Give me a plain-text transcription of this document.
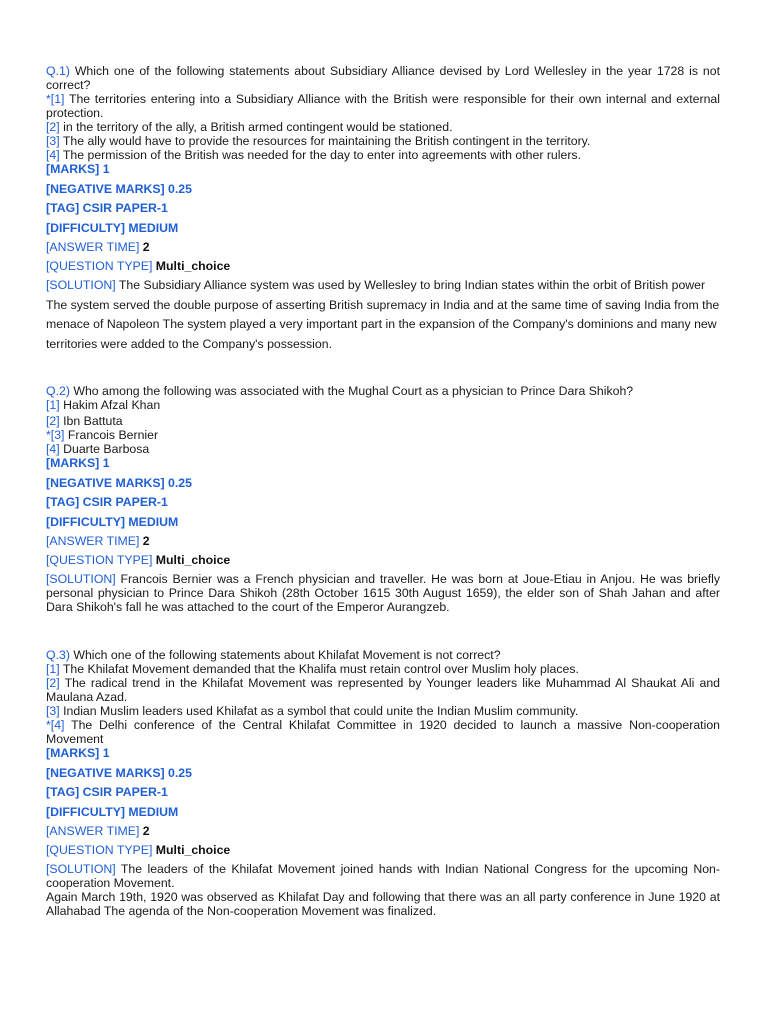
Q.1) Which one of the following statements about Subsidiary Alliance devised by Lord Wellesley in the year 1728 is not correct?
*[1] The territories entering into a Subsidiary Alliance with the British were responsible for their own internal and external protection.
[2] in the territory of the ally, a British armed contingent would be stationed.
[3] The ally would have to provide the resources for maintaining the British contingent in the territory.
[4] The permission of the British was needed for the day to enter into agreements with other rulers.
[MARKS] 1
[NEGATIVE MARKS] 0.25
[TAG] CSIR PAPER-1
[DIFFICULTY] MEDIUM
[ANSWER TIME] 2
[QUESTION TYPE] Multi_choice
[SOLUTION] The Subsidiary Alliance system was used by Wellesley to bring Indian states within the orbit of British power The system served the double purpose of asserting British supremacy in India and at the same time of saving India from the menace of Napoleon The system played a very important part in the expansion of the Company's dominions and many new territories were added to the Company's possession.
Q.2) Who among the following was associated with the Mughal Court as a physician to Prince Dara Shikoh?
[1] Hakim Afzal Khan
[2] Ibn Battuta
*[3] Francois Bernier
[4] Duarte Barbosa
[MARKS] 1
[NEGATIVE MARKS] 0.25
[TAG] CSIR PAPER-1
[DIFFICULTY] MEDIUM
[ANSWER TIME] 2
[QUESTION TYPE] Multi_choice
[SOLUTION] Francois Bernier was a French physician and traveller. He was born at Joue-Etiau in Anjou. He was briefly personal physician to Prince Dara Shikoh (28th October 1615 30th August 1659), the elder son of Shah Jahan and after Dara Shikoh's fall he was attached to the court of the Emperor Aurangzeb.
Q.3) Which one of the following statements about Khilafat Movement is not correct?
[1] The Khilafat Movement demanded that the Khalifa must retain control over Muslim holy places.
[2] The radical trend in the Khilafat Movement was represented by Younger leaders like Muhammad Al Shaukat Ali and Maulana Azad.
[3] Indian Muslim leaders used Khilafat as a symbol that could unite the Indian Muslim community.
*[4] The Delhi conference of the Central Khilafat Committee in 1920 decided to launch a massive Non-cooperation Movement
[MARKS] 1
[NEGATIVE MARKS] 0.25
[TAG] CSIR PAPER-1
[DIFFICULTY] MEDIUM
[ANSWER TIME] 2
[QUESTION TYPE] Multi_choice
[SOLUTION] The leaders of the Khilafat Movement joined hands with Indian National Congress for the upcoming Non-cooperation Movement.
Again March 19th, 1920 was observed as Khilafat Day and following that there was an all party conference in June 1920 at Allahabad The agenda of the Non-cooperation Movement was finalized.
